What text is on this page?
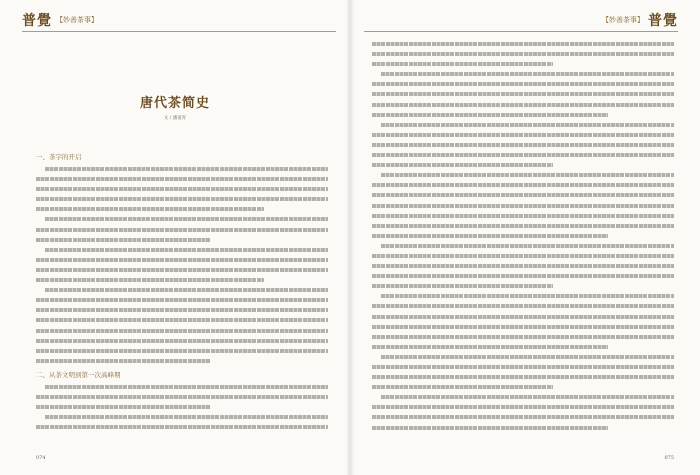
普覺 【妙善茶事】
唐代茶简史
文 / 潘道青
一、茶字的开启
二、从茶文明到第一次高峰期
074
普覺
【妙善茶事】
075
